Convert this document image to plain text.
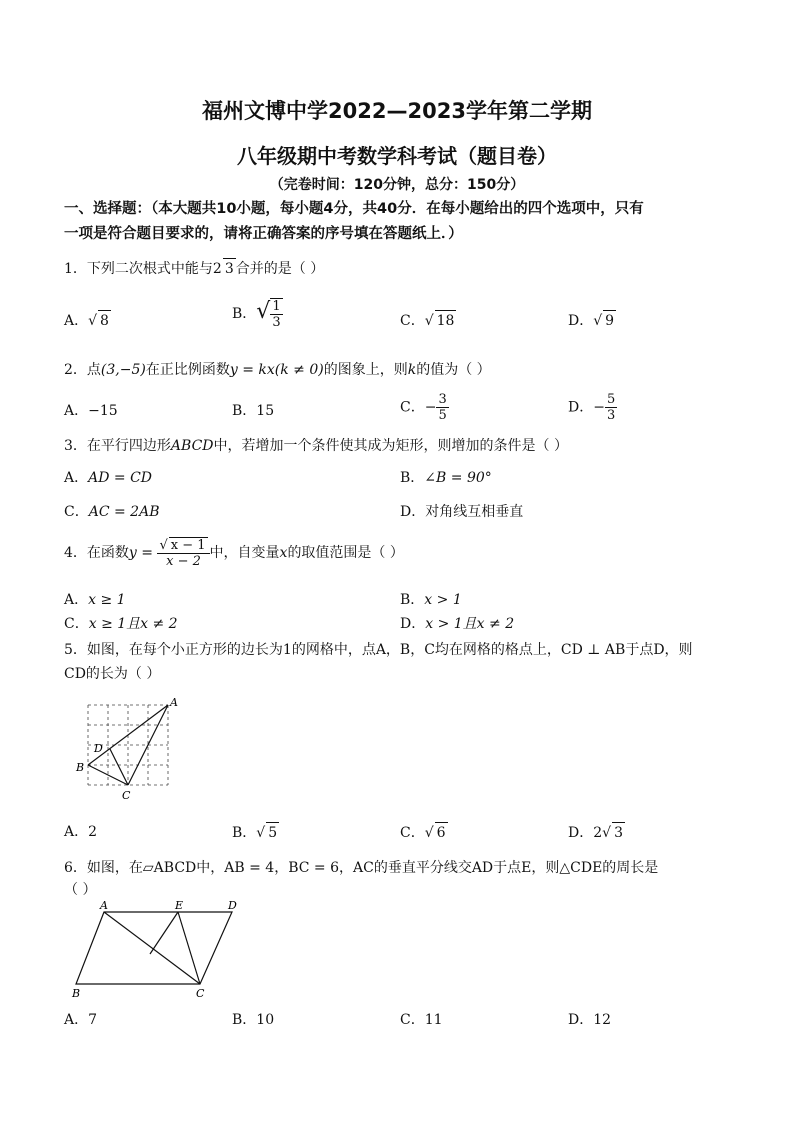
福州文博中学2022—2023学年第二学期
八年级期中考数学科考试（题目卷）
（完卷时间：120分钟，总分：150分）
一、选择题：（本大题共10小题，每小题4分，共40分．在每小题给出的四个选项中，只有
一项是符合题目要求的，请将正确答案的序号填在答题纸上．）
1．下列二次根式中能与2 3 合并的是（ ）
A．√ 8	B．√ $\frac{1}{3}$	C．√ 18	D．√ 9
2．点(3,−5)在正比例函数y = kx(k ≠ 0)的图象上，则k的值为（ ）
A．−15	B．15	C．− $\frac{3}{5}$	D．− $\frac{5}{3}$
3．在平行四边形ABCD中，若增加一个条件使其成为矩形，则增加的条件是（ ）
A．AD = CD	B．∠B = 90°
C．AC = 2AB	D．对角线互相垂直
4．在函数$y = \frac{√ x - 1}{x - 2}$ 中，自变量x的取值范围是（ ）
A．x ≥ 1	B．x > 1
C．x ≥ 1且x ≠ 2	D．x > 1且x ≠ 2
5．如图，在每个小正方形的边长为1的网格中，点A，B，C均在网格的格点上，CD ⊥ AB于点D，则
CD的长为（ ）
A
B
C
D
A．2	B．√ 5	C．√ 6	D．2√ 3
6．如图，在▱ABCD中，AB = 4，BC = 6，AC的垂直平分线交AD于点E，则△CDE的周长是
（ ）
A	E	D
B	C
A．7	B．10	C．11	D．12
